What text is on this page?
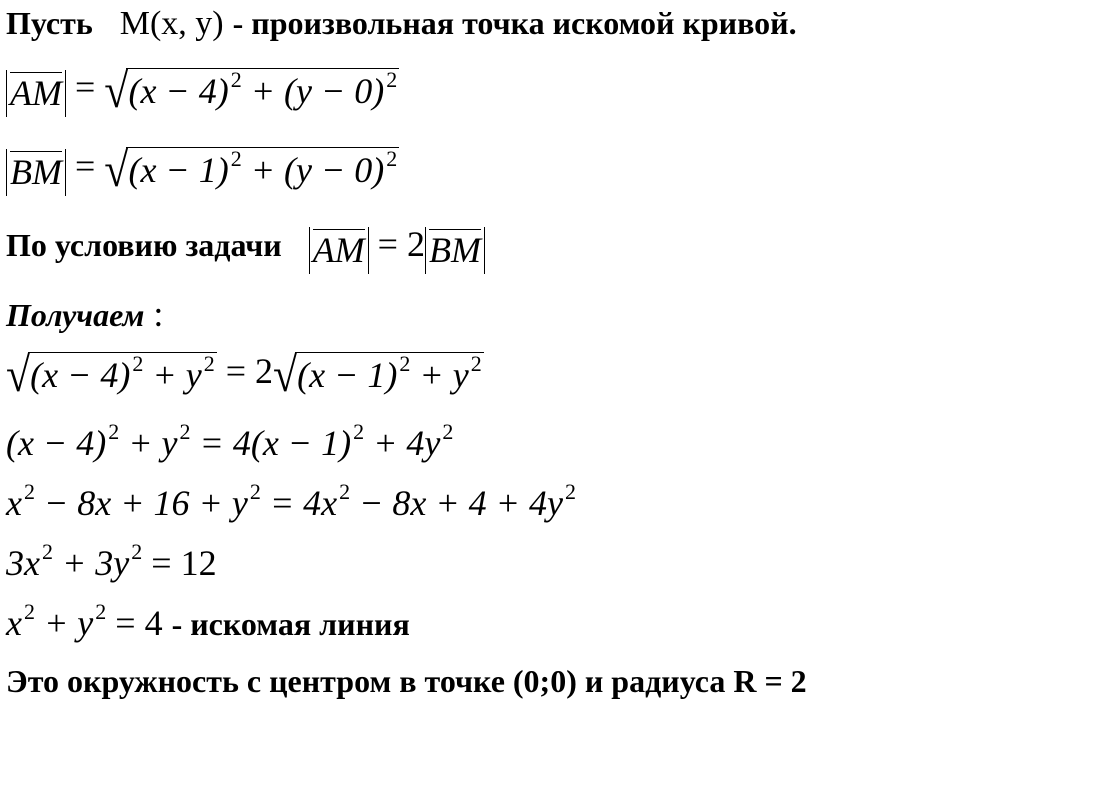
Пусть M(x, y) - произвольная точка искомой кривой.
AM = $√(x - 4)^2 + (y - 0)^2$
BM = $√(x - 1)^2 + (y - 0)^2$
По условию задачи AM = 2 BM
Получаем :
$√(x - 4)^2 + y^2 = 2√(x - 1)^2 + y^2$
$(x - 4)^2 + y^2 = 4(x - 1)^2 + 4y^2$
$x^2 - 8x + 16 + y^2 = 4x^2 - 8x + 4 + 4y^2$
$3x^2 + 3y^2 = 12$
$x^2 + y^2 = 4$ - искомая линия
Это окружность с центром в точке (0;0) и радиуса R = 2
